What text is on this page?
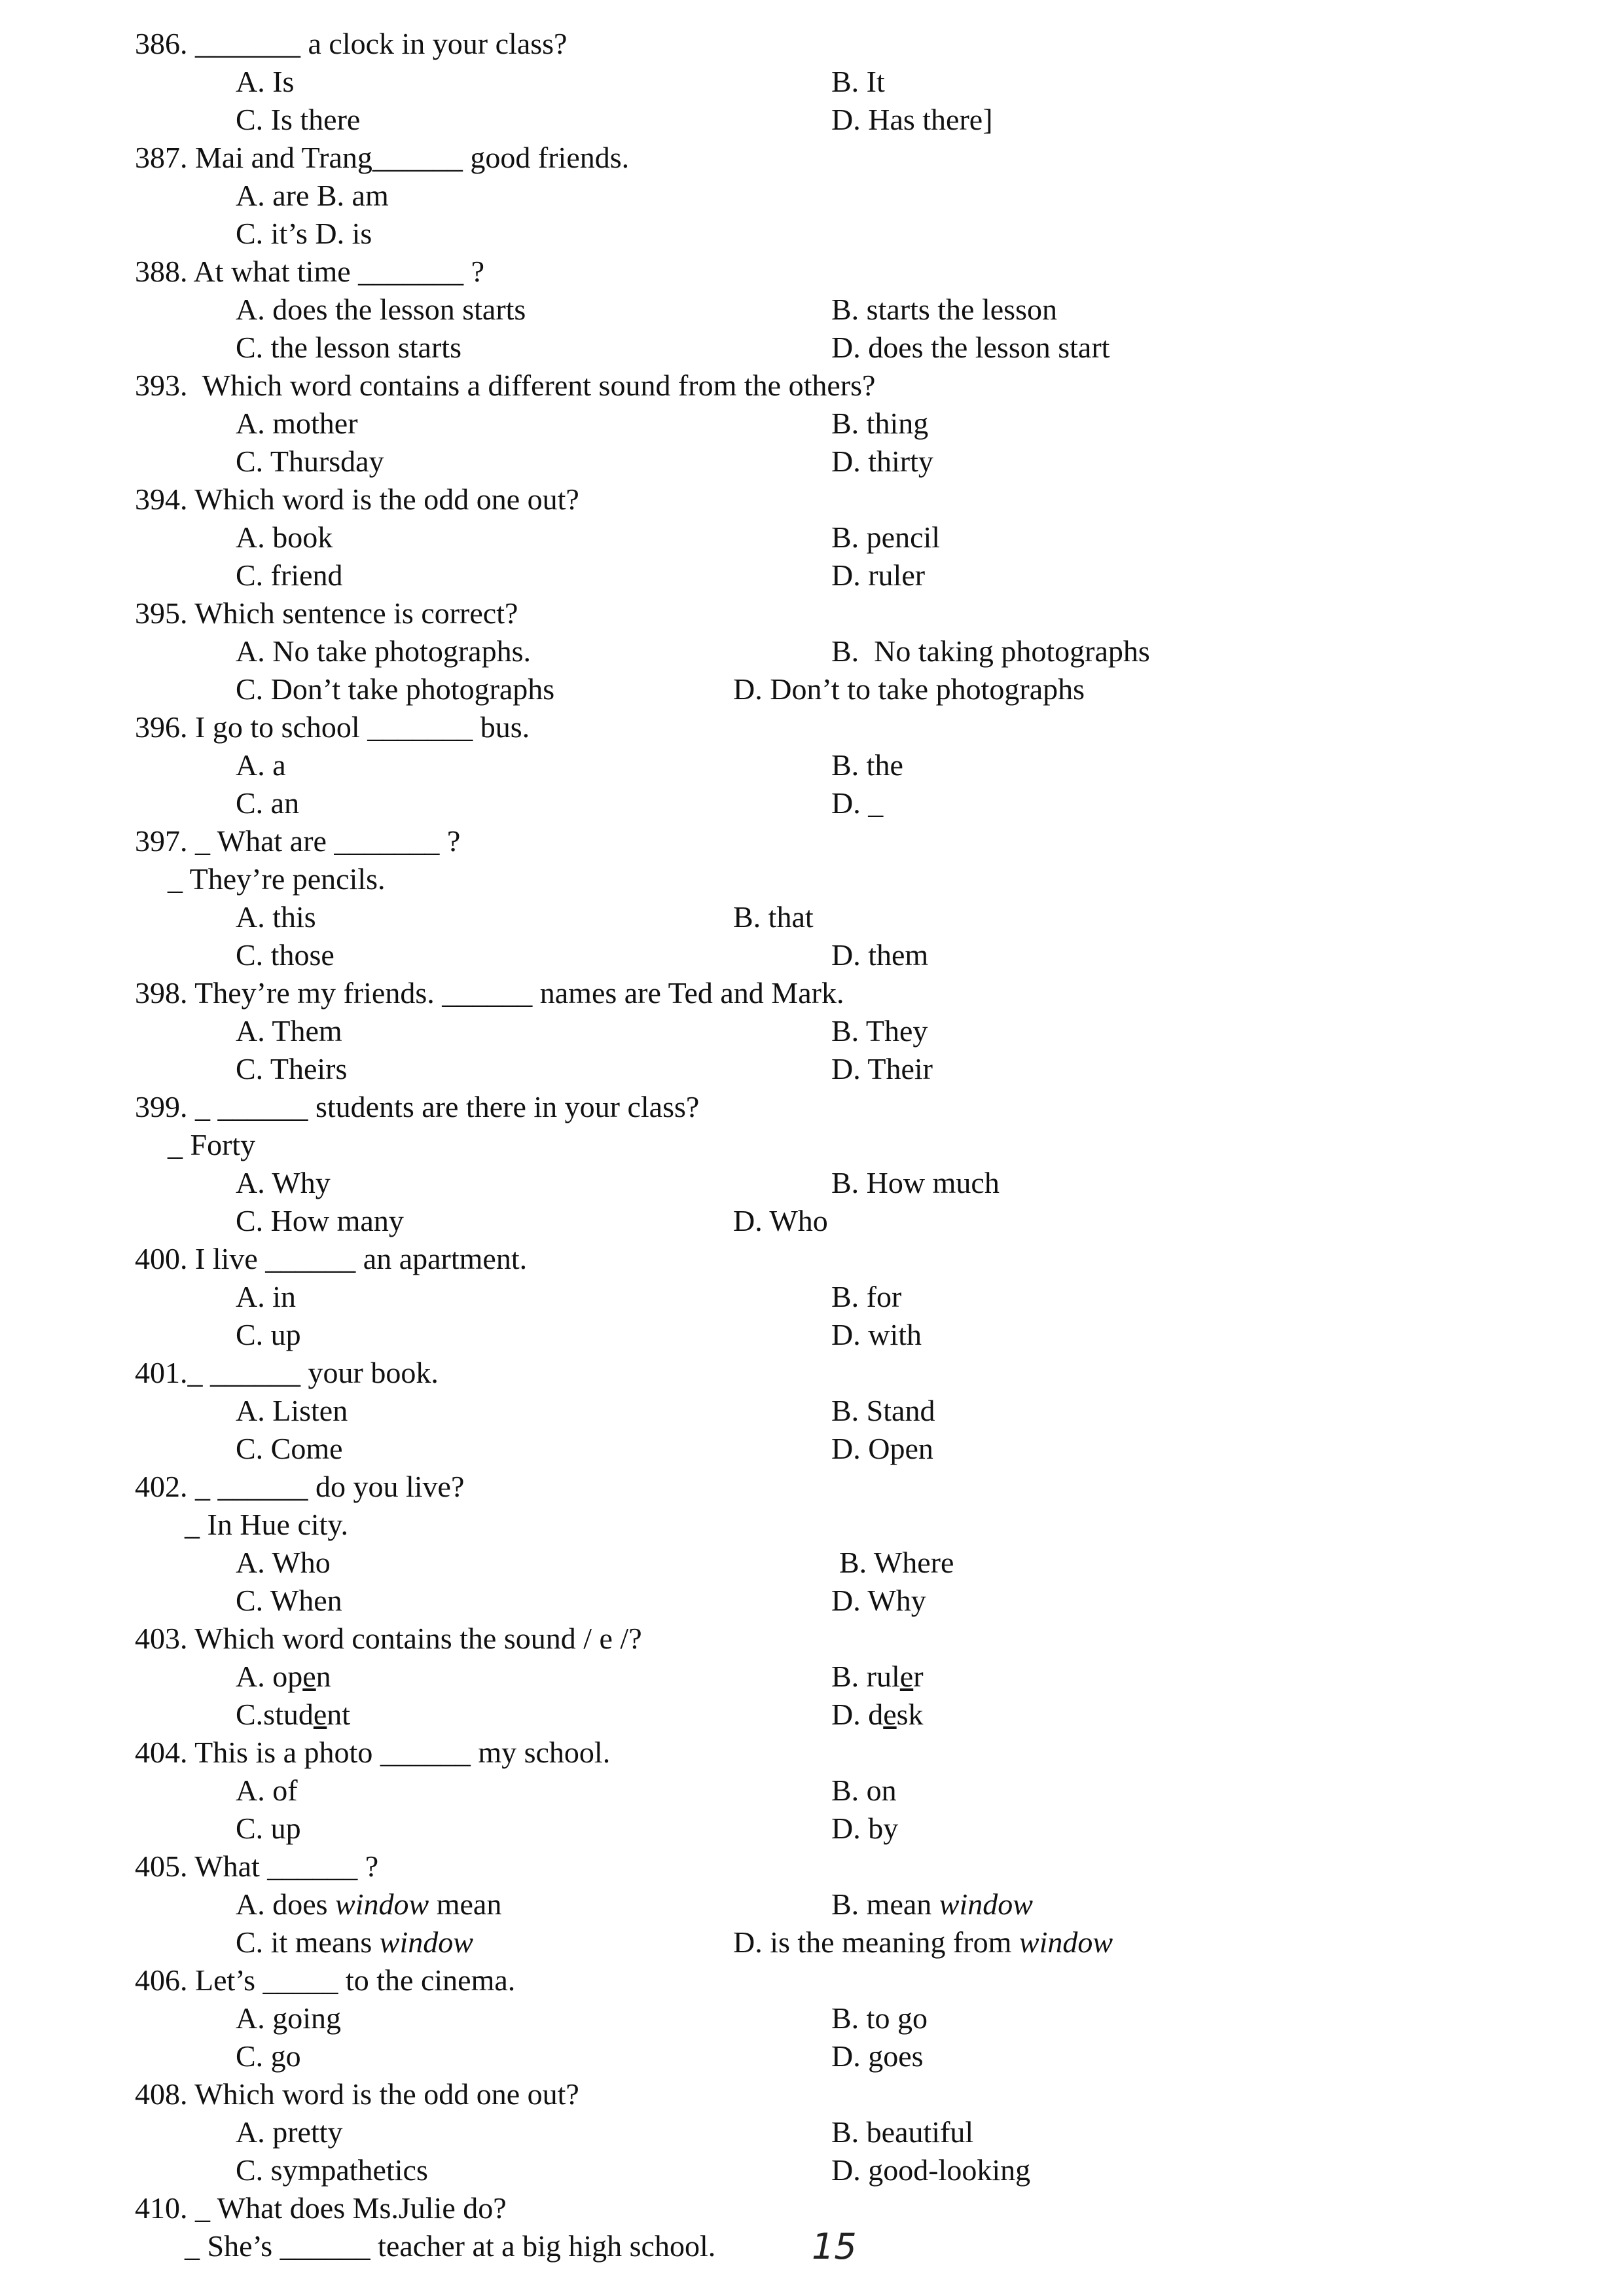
386. _______ a clock in your class?
A. Is	B. It
C. Is there	D. Has there]
387. Mai and Trang______ good friends.
A. are B. am
C. it’s D. is
388. At what time _______ ?
A. does the lesson starts	B. starts the lesson
C. the lesson starts	D. does the lesson start
393.  Which word contains a different sound from the others?
A. mother	B. thing
C. Thursday	D. thirty
394. Which word is the odd one out?
A. book	B. pencil
C. friend	D. ruler
395. Which sentence is correct?
A. No take photographs.	B.  No taking photographs
C. Don’t take photographs	D. Don’t to take photographs
396. I go to school _______ bus.
A. a	B. the
C. an	D. _
397. _ What are _______ ?
_ They’re pencils.
A. this	B. that
C. those	D. them
398. They’re my friends. ______ names are Ted and Mark.
A. Them	B. They
C. Theirs	D. Their
399. _ ______ students are there in your class?
_ Forty
A. Why	B. How much
C. How many	D. Who
400. I live ______ an apartment.
A. in	B. for
C. up	D. with
401._ ______ your book.
A. Listen	B. Stand
C. Come	D. Open
402. _ ______ do you live?
_ In Hue city.
A. Who	B. Where
C. When	D. Why
403. Which word contains the sound / e /?
A. open	B. ruler
C.student	D. desk
404. This is a photo ______ my school.
A. of	B. on
C. up	D. by
405. What ______ ?
A. does window mean	B. mean window
C. it means window	D. is the meaning from window
406. Let’s _____ to the cinema.
A. going	B. to go
C. go	D. goes
408. Which word is the odd one out?
A. pretty	B. beautiful
C. sympathetics	D. good-looking
410. _ What does Ms.Julie do?
_ She’s ______ teacher at a big high school.	15
